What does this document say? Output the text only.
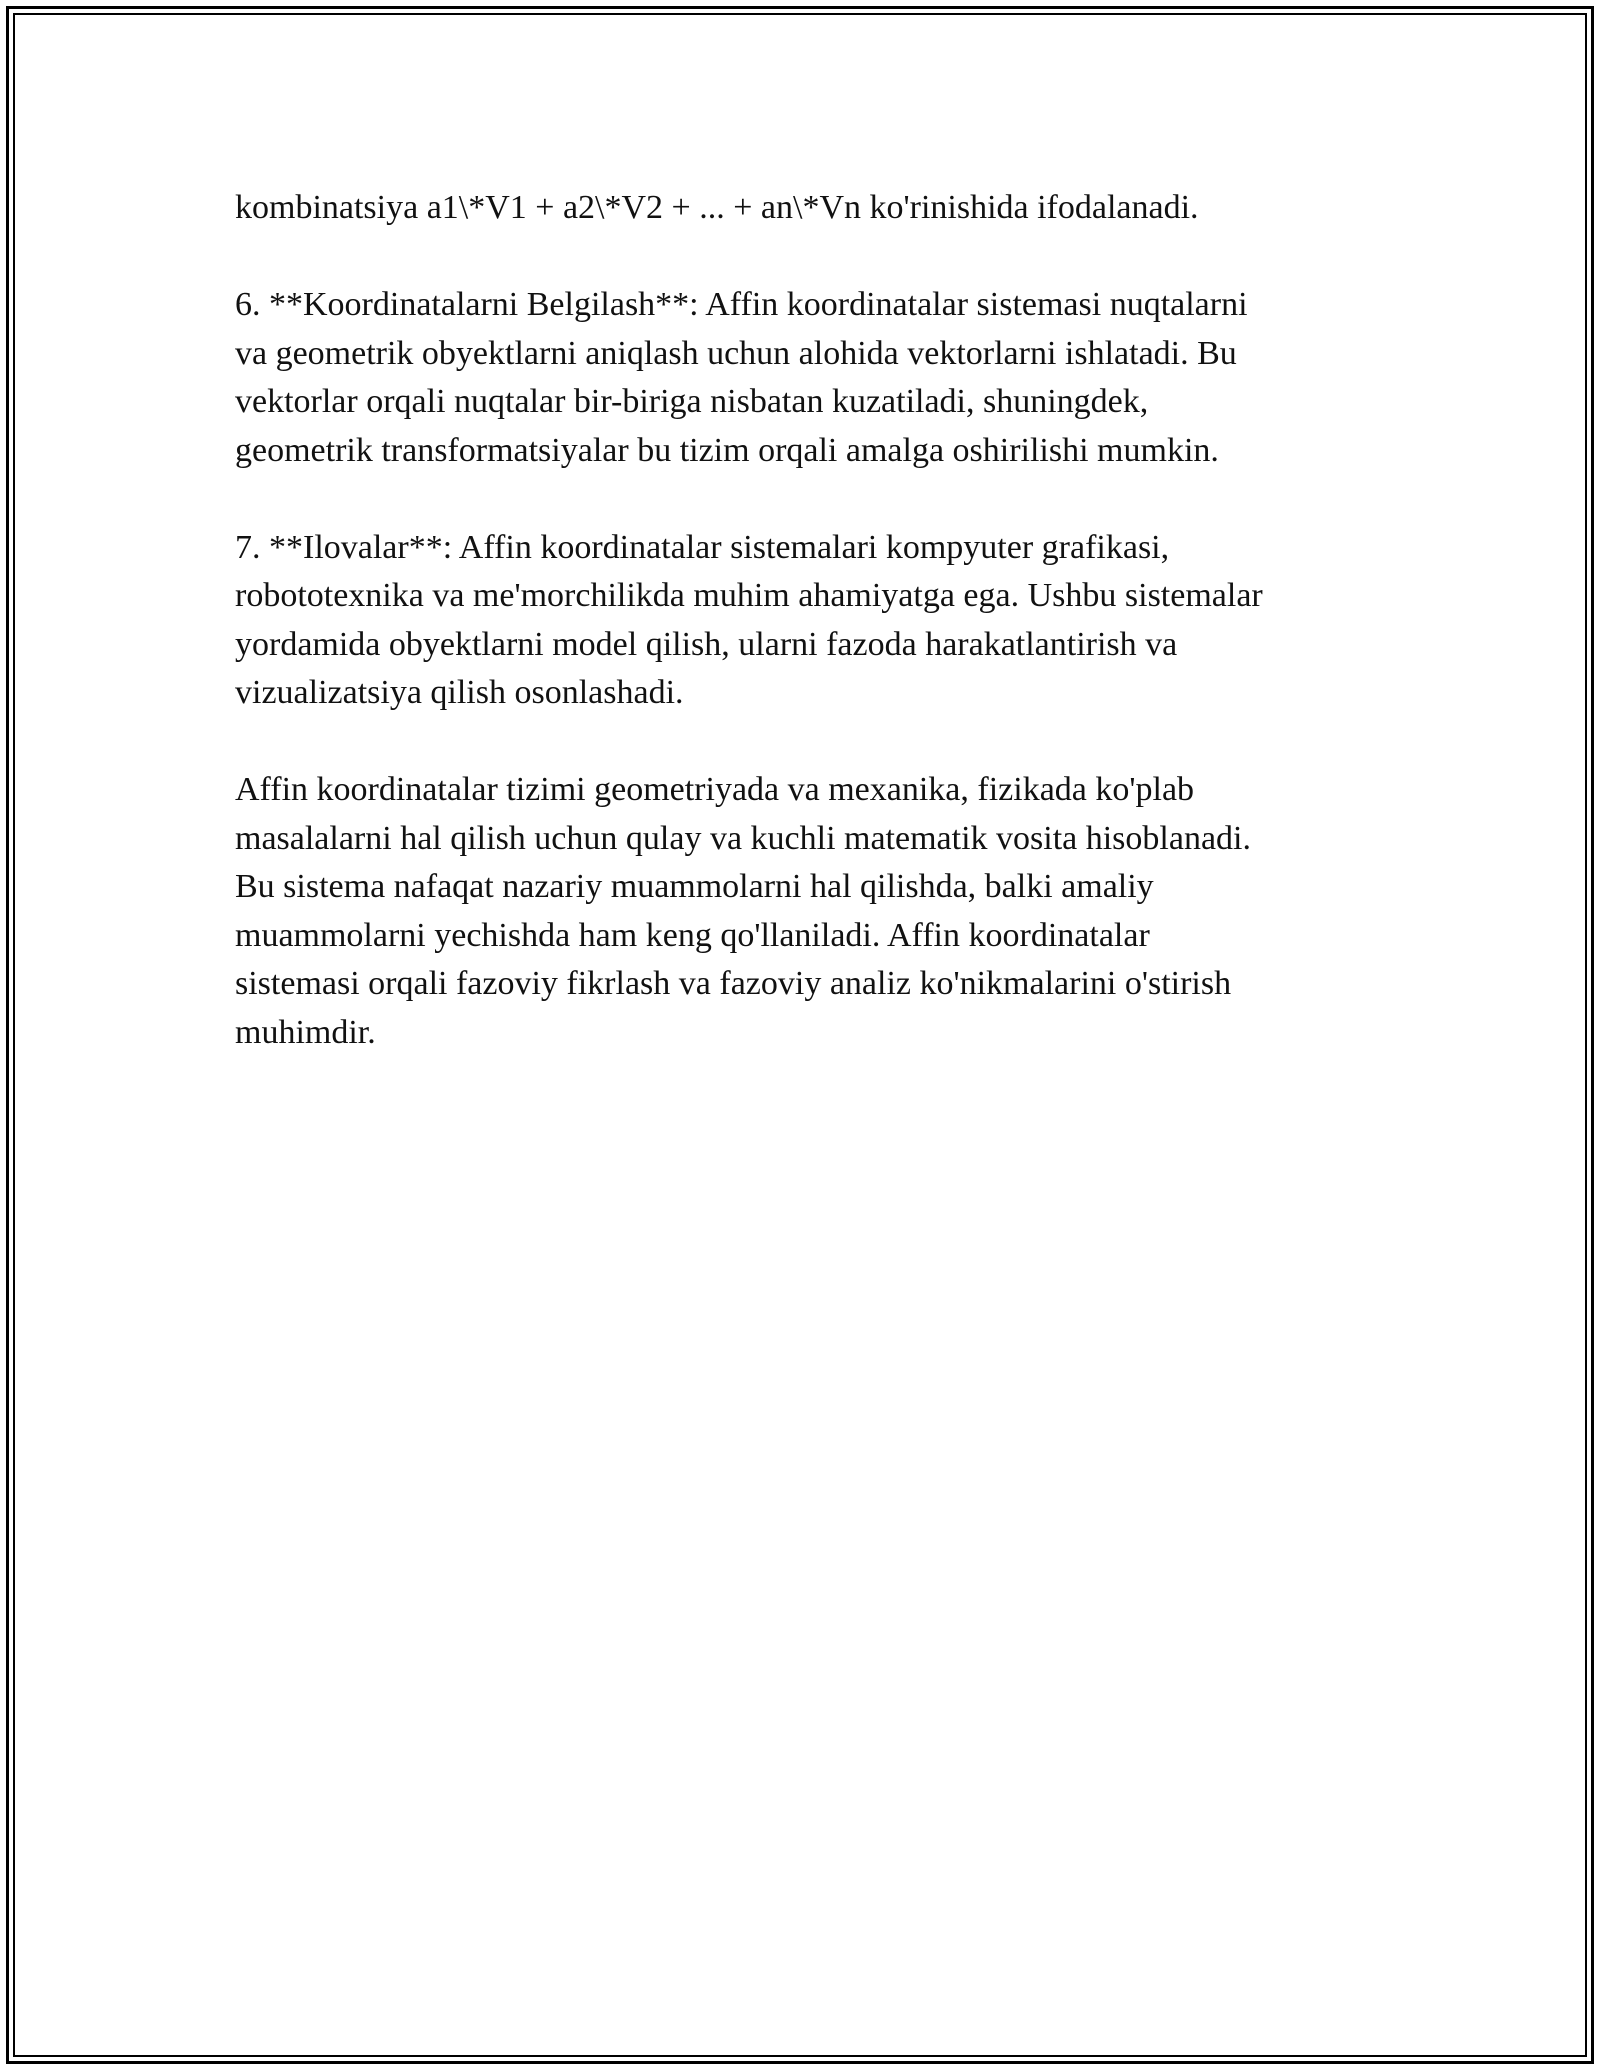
kombinatsiya a1\*V1 + a2\*V2 + ... + an\*Vn ko'rinishida ifodalanadi.

6. **Koordinatalarni Belgilash**: Affin koordinatalar sistemasi nuqtalarni
va geometrik obyektlarni aniqlash uchun alohida vektorlarni ishlatadi. Bu
vektorlar orqali nuqtalar bir-biriga nisbatan kuzatiladi, shuningdek,
geometrik transformatsiyalar bu tizim orqali amalga oshirilishi mumkin.

7. **Ilovalar**: Affin koordinatalar sistemalari kompyuter grafikasi,
robototexnika va me'morchilikda muhim ahamiyatga ega. Ushbu sistemalar
yordamida obyektlarni model qilish, ularni fazoda harakatlantirish va
vizualizatsiya qilish osonlashadi.

Affin koordinatalar tizimi geometriyada va mexanika, fizikada ko'plab
masalalarni hal qilish uchun qulay va kuchli matematik vosita hisoblanadi.
Bu sistema nafaqat nazariy muammolarni hal qilishda, balki amaliy
muammolarni yechishda ham keng qo'llaniladi. Affin koordinatalar
sistemasi orqali fazoviy fikrlash va fazoviy analiz ko'nikmalarini o'stirish
muhimdir.
